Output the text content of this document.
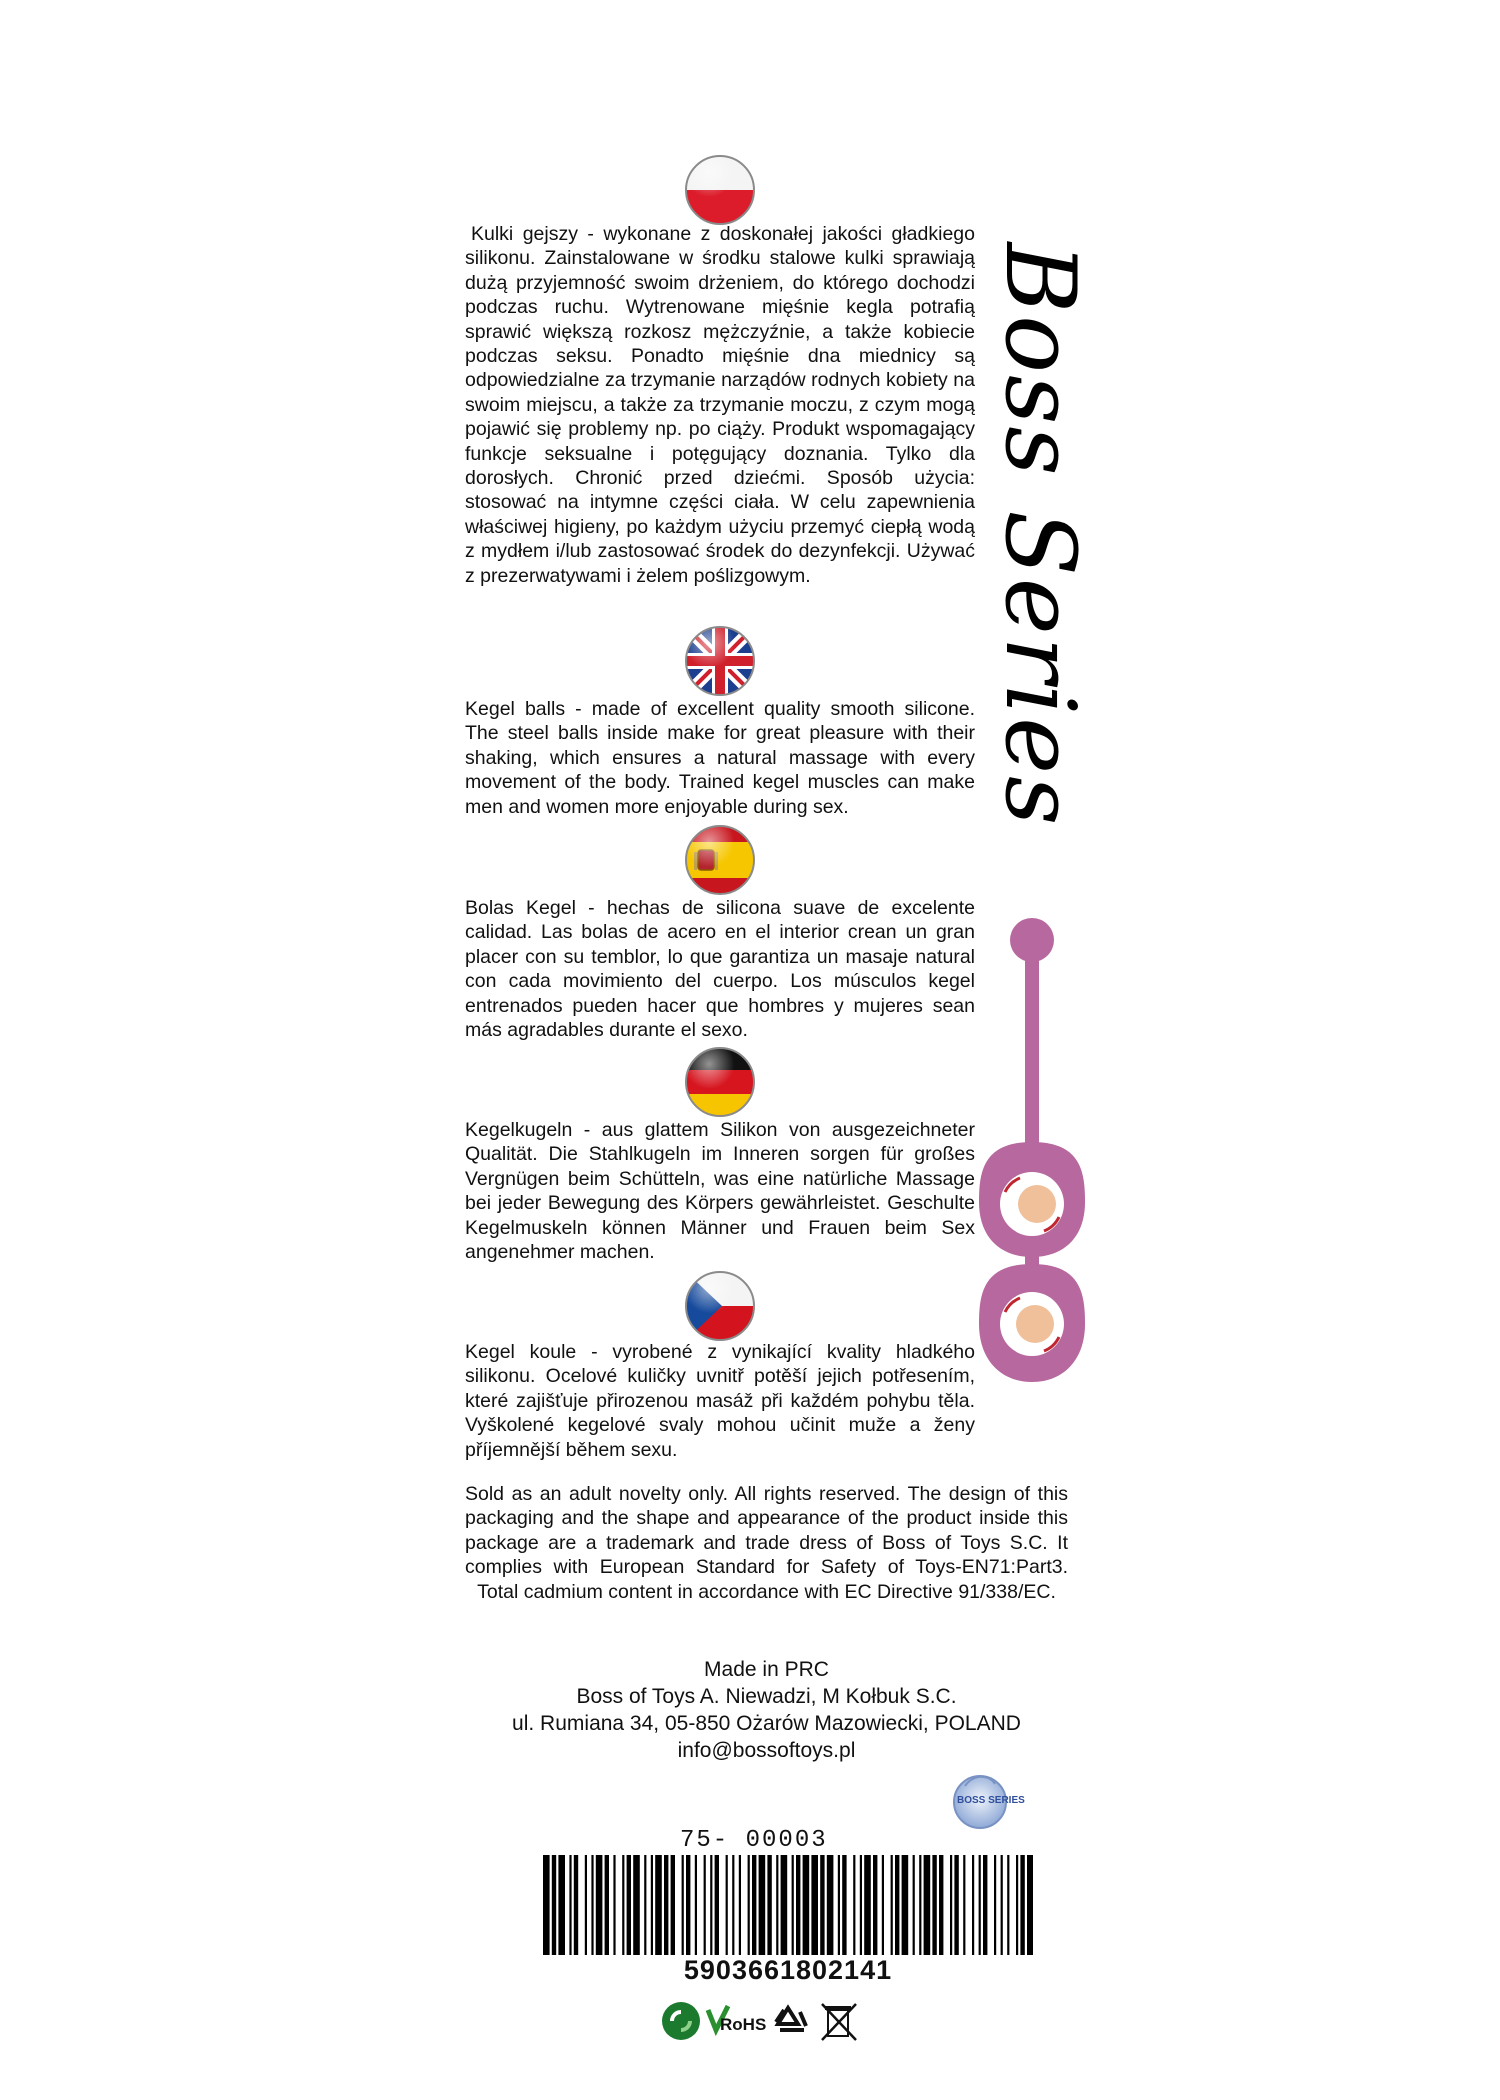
Kulki gejszy - wykonane z doskonałej jakości gładkiego silikonu. Zainstalowane w środku stalowe kulki sprawiają dużą przyjemność swoim drżeniem, do którego dochodzi podczas ruchu. Wytrenowane mięśnie kegla potrafią sprawić większą rozkosz mężczyźnie, a także kobiecie podczas seksu. Ponadto mięśnie dna miednicy są odpowiedzialne za trzymanie narządów rodnych kobiety na swoim miejscu, a także za trzymanie moczu, z czym mogą pojawić się problemy np. po ciąży. Produkt wspomagający funkcje seksualne i potęgujący doznania. Tylko dla dorosłych. Chronić przed dziećmi. Sposób użycia: stosować na intymne części ciała. W celu zapewnienia właściwej higieny, po każdym użyciu przemyć ciepłą wodą z mydłem i/lub zastosować środek do dezynfekcji. Używać z prezerwatywami i żelem poślizgowym.
Kegel balls - made of excellent quality smooth silicone. The steel balls inside make for great pleasure with their shaking, which ensures a natural massage with every movement of the body. Trained kegel muscles can make men and women more enjoyable during sex.
Bolas Kegel - hechas de silicona suave de excelente calidad. Las bolas de acero en el interior crean un gran placer con su temblor, lo que garantiza un masaje natural con cada movimiento del cuerpo. Los músculos kegel entrenados pueden hacer que hombres y mujeres sean más agradables durante el sexo.
Kegelkugeln - aus glattem Silikon von ausgezeichneter Qualität. Die Stahlkugeln im Inneren sorgen für großes Vergnügen beim Schütteln, was eine natürliche Massage bei jeder Bewegung des Körpers gewährleistet. Geschulte Kegelmuskeln können Männer und Frauen beim Sex angenehmer machen.
Kegel koule - vyrobené z vynikající kvality hladkého silikonu. Ocelové kuličky uvnitř potěší jejich potřesením, které zajišťuje přirozenou masáž při každém pohybu těla. Vyškolené kegelové svaly mohou učinit muže a ženy příjemnější během sexu.
Boss Series
Sold as an adult novelty only. All rights reserved. The design of this packaging and the shape and appearance of the product inside this package are a trademark and trade dress of Boss of Toys S.C. It complies with European Standard for Safety of Toys-EN71:Part3. Total cadmium content in accordance with EC Directive 91/338/EC.
Made in PRC
Boss of Toys A. Niewadzi, M Kołbuk S.C.
ul. Rumiana 34, 05-850 Ożarów Mazowiecki, POLAND
info@bossoftoys.pl
BOSS SERIES
75- 00003
5903661802141
RoHS
